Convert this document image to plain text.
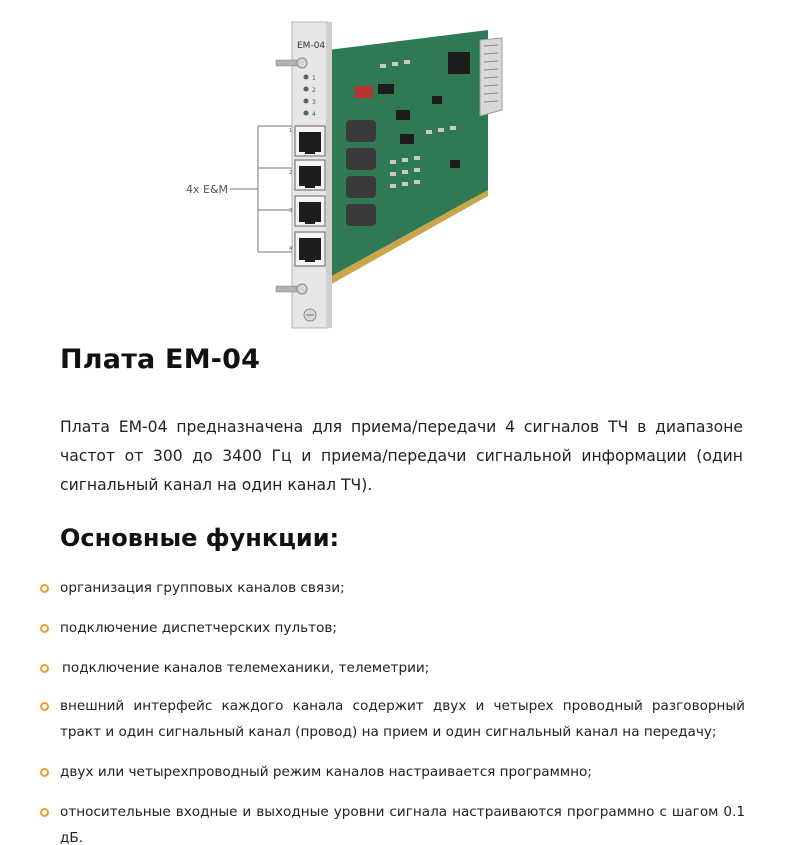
EM-04
1
2
3
4
1
2
3
4
4x E&M
Плата ЕМ-04

Плата ЕМ-04 предназначена для приема/передачи 4 сигналов ТЧ в диапазоне частот от 300 до 3400 Гц и приема/передачи сигнальной информации (один сигнальный канал на один канал ТЧ).

Основные функции:
организация групповых каналов связи;
подключение диспетчерских пультов;
подключение каналов телемеханики, телеметрии;
внешний интерфейс каждого канала содержит двух и четырех проводный разговорный тракт и один сигнальный канал (провод) на прием и один сигнальный канал на передачу;
двух или четырехпроводный режим каналов настраивается программно;
относительные входные и выходные уровни сигнала настраиваются программно с шагом 0.1 дБ.
